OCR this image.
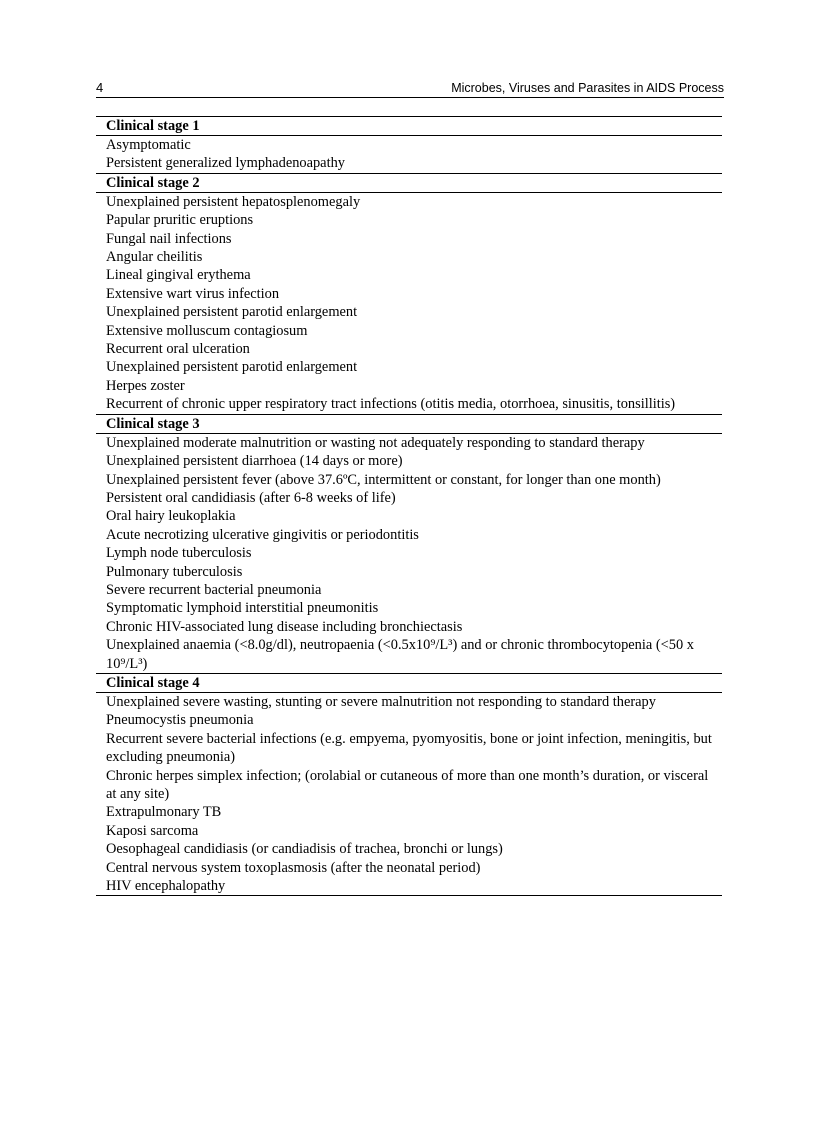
4	Microbes, Viruses and Parasites in AIDS Process
Clinical stage 1
Asymptomatic
Persistent generalized lymphadenoapathy
Clinical stage 2
Unexplained persistent hepatosplenomegaly
Papular pruritic eruptions
Fungal nail infections
Angular cheilitis
Lineal gingival erythema
Extensive wart virus infection
Unexplained persistent parotid enlargement
Extensive molluscum contagiosum
Recurrent oral ulceration
Unexplained persistent parotid enlargement
Herpes zoster
Recurrent of chronic upper respiratory tract infections (otitis media, otorrhoea, sinusitis, tonsillitis)
Clinical stage 3
Unexplained moderate malnutrition or wasting not adequately responding to standard therapy
Unexplained persistent diarrhoea (14 days or more)
Unexplained persistent fever (above 37.6ºC, intermittent or constant, for longer than one month)
Persistent oral candidiasis (after 6-8 weeks of life)
Oral hairy leukoplakia
Acute necrotizing ulcerative gingivitis or periodontitis
Lymph node tuberculosis
Pulmonary tuberculosis
Severe recurrent bacterial pneumonia
Symptomatic lymphoid interstitial pneumonitis
Chronic HIV-associated lung disease including bronchiectasis
Unexplained anaemia (<8.0g/dl), neutropaenia (<0.5x10⁹/L³) and or chronic thrombocytopenia (<50 x 10⁹/L³)
Clinical stage 4
Unexplained severe wasting, stunting or severe malnutrition not responding to standard therapy
Pneumocystis pneumonia
Recurrent severe bacterial infections (e.g. empyema, pyomyositis, bone or joint infection, meningitis, but excluding pneumonia)
Chronic herpes simplex infection; (orolabial or cutaneous of more than one month’s duration, or visceral at any site)
Extrapulmonary TB
Kaposi sarcoma
Oesophageal candidiasis (or candiadisis of trachea, bronchi or lungs)
Central nervous system toxoplasmosis (after the neonatal period)
HIV encephalopathy
